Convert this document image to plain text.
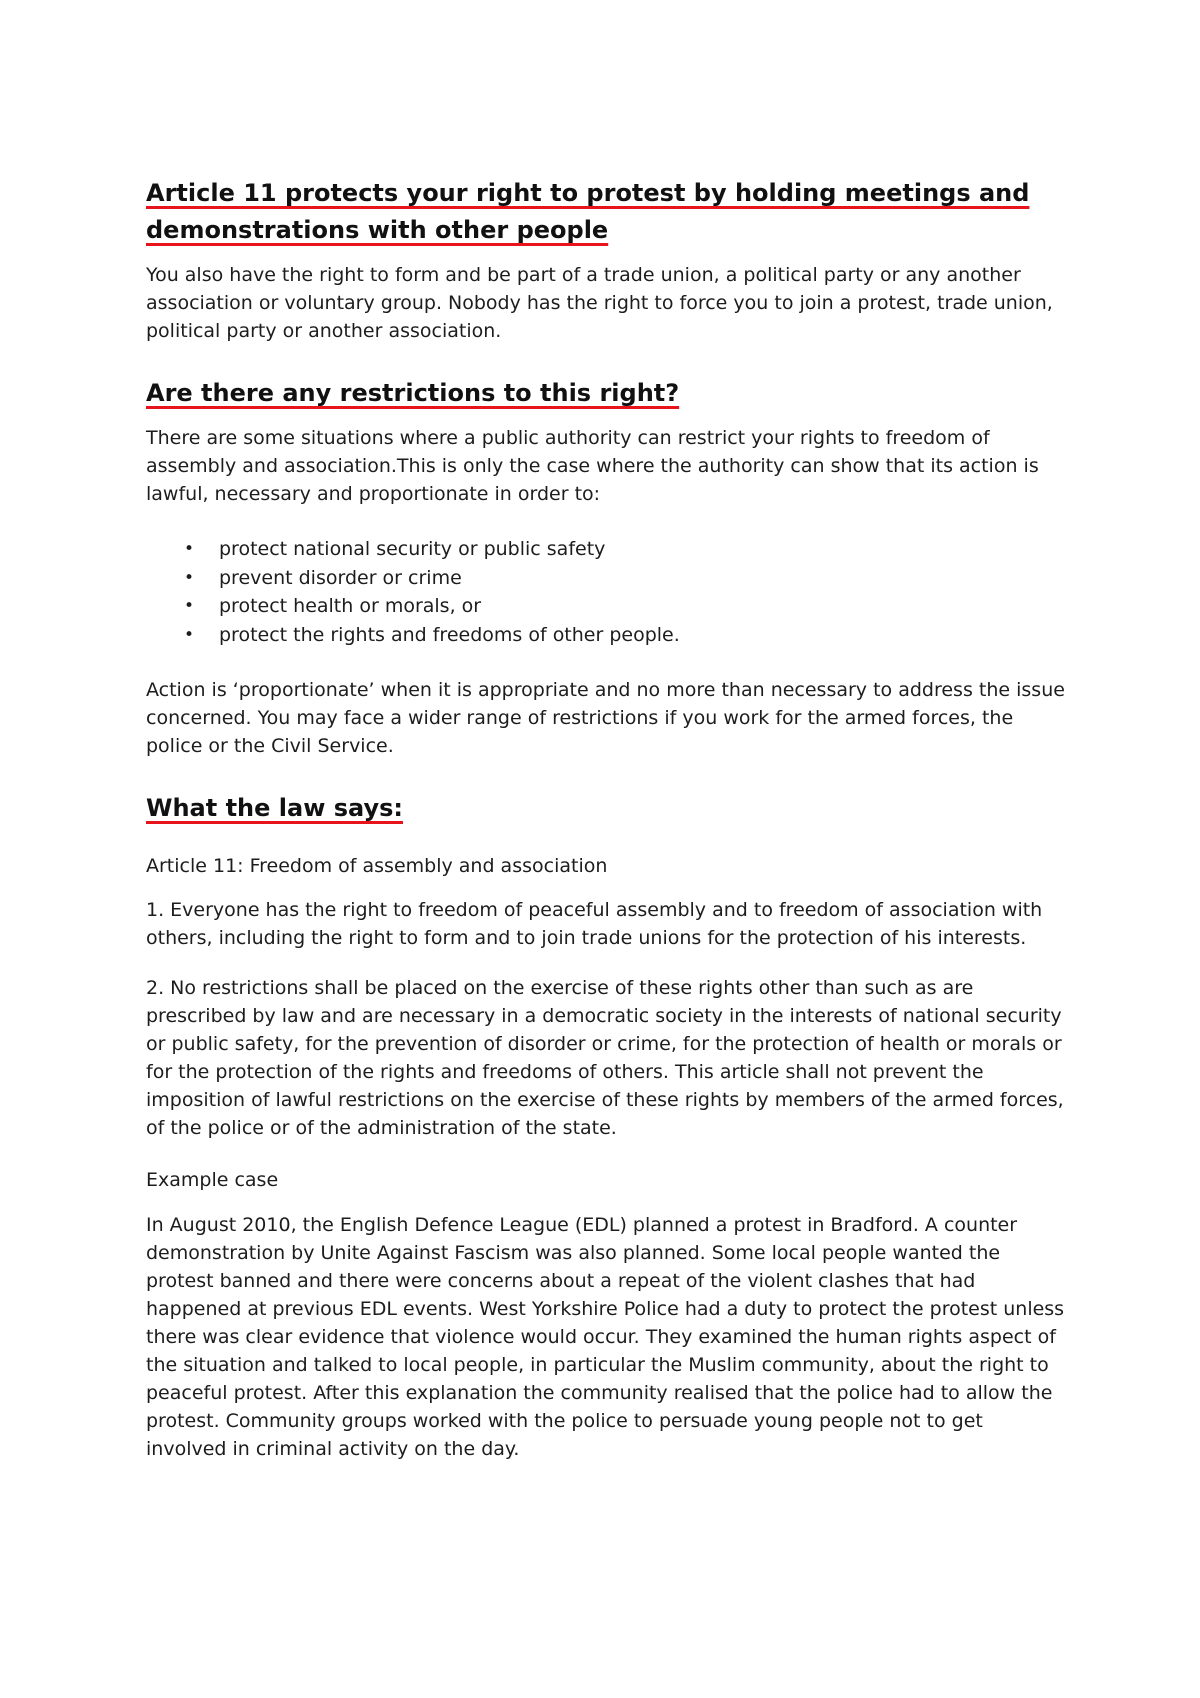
Article 11 protects your right to protest by holding meetings and demonstrations with other people

You also have the right to form and be part of a trade union, a political party or any another association or voluntary group. Nobody has the right to force you to join a protest, trade union, political party or another association.

Are there any restrictions to this right?

There are some situations where a public authority can restrict your rights to freedom of assembly and association.This is only the case where the authority can show that its action is lawful, necessary and proportionate in order to:

• protect national security or public safety
• prevent disorder or crime
• protect health or morals, or
• protect the rights and freedoms of other people.

Action is ‘proportionate’ when it is appropriate and no more than necessary to address the issue concerned. You may face a wider range of restrictions if you work for the armed forces, the police or the Civil Service.

What the law says:

Article 11: Freedom of assembly and association

1. Everyone has the right to freedom of peaceful assembly and to freedom of association with others, including the right to form and to join trade unions for the protection of his interests.

2. No restrictions shall be placed on the exercise of these rights other than such as are prescribed by law and are necessary in a democratic society in the interests of national security or public safety, for the prevention of disorder or crime, for the protection of health or morals or for the protection of the rights and freedoms of others. This article shall not prevent the imposition of lawful restrictions on the exercise of these rights by members of the armed forces, of the police or of the administration of the state.

Example case

In August 2010, the English Defence League (EDL) planned a protest in Bradford. A counter demonstration by Unite Against Fascism was also planned. Some local people wanted the protest banned and there were concerns about a repeat of the violent clashes that had happened at previous EDL events. West Yorkshire Police had a duty to protect the protest unless there was clear evidence that violence would occur. They examined the human rights aspect of the situation and talked to local people, in particular the Muslim community, about the right to peaceful protest. After this explanation the community realised that the police had to allow the protest. Community groups worked with the police to persuade young people not to get involved in criminal activity on the day.
